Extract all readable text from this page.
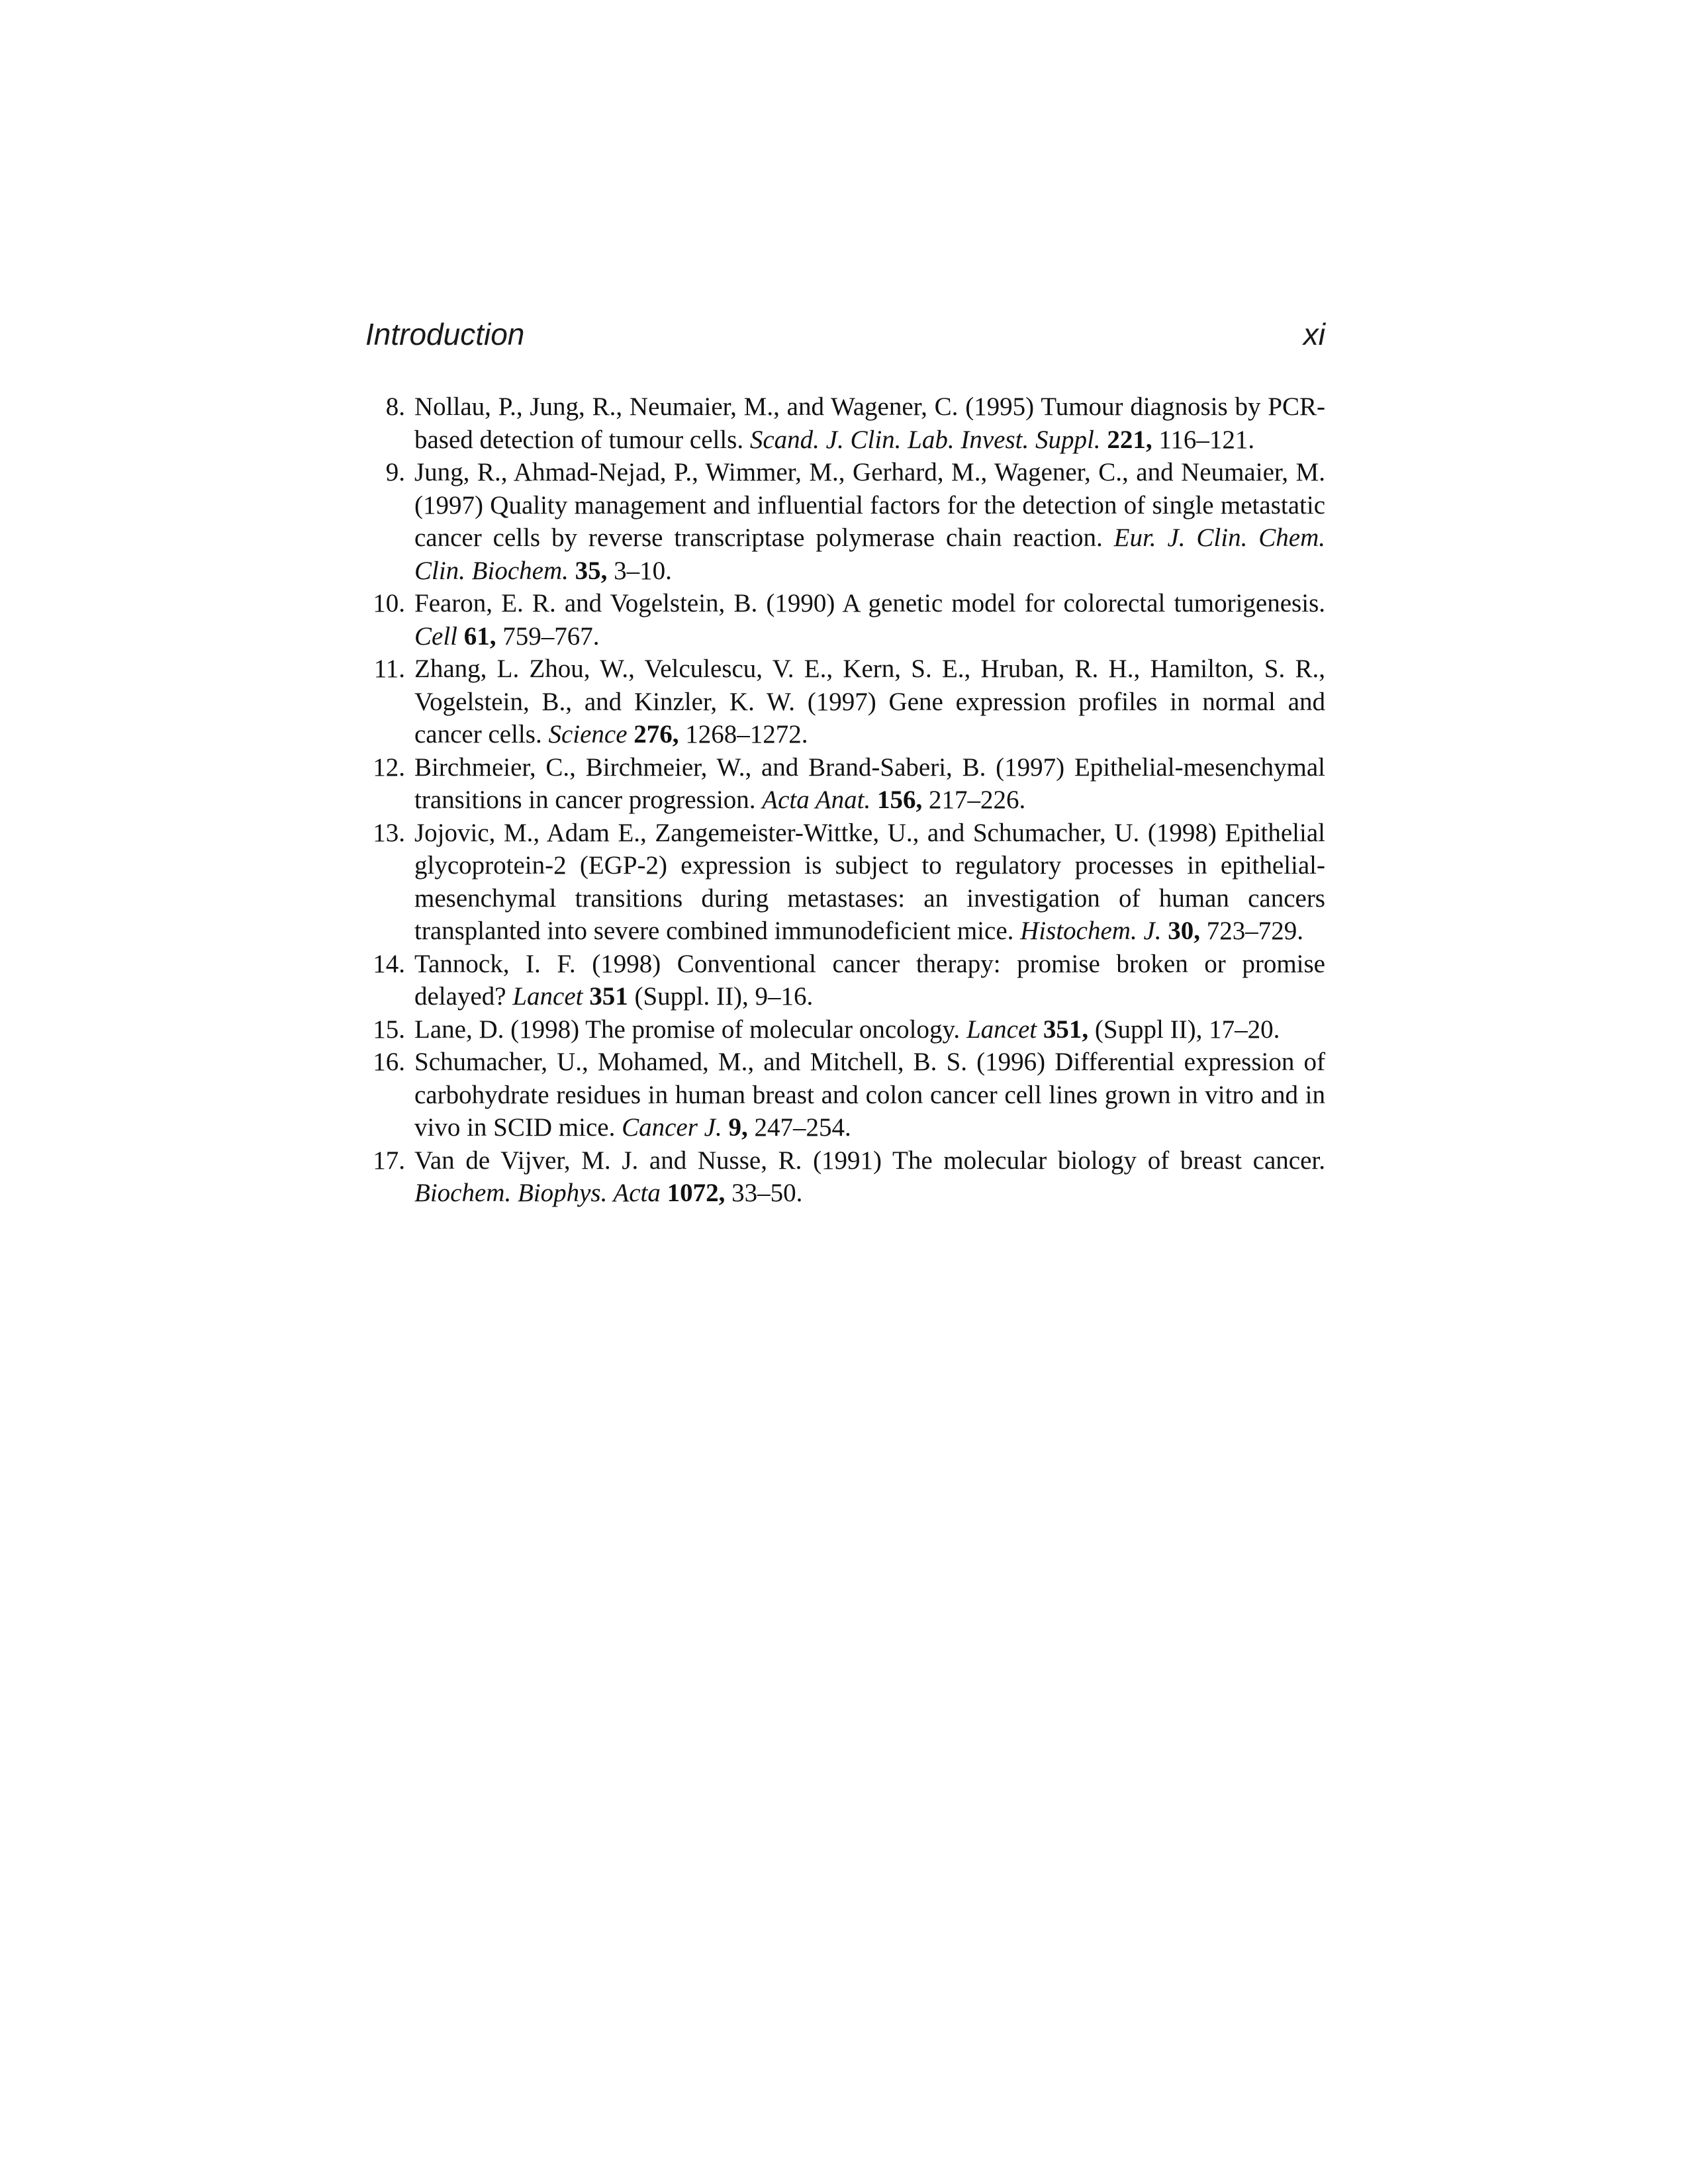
Introduction	xi
8. Nollau, P., Jung, R., Neumaier, M., and Wagener, C. (1995) Tumour diagnosis by PCR-based detection of tumour cells. Scand. J. Clin. Lab. Invest. Suppl. 221, 116–121.
9. Jung, R., Ahmad-Nejad, P., Wimmer, M., Gerhard, M., Wagener, C., and Neumaier, M. (1997) Quality management and influential factors for the detection of single metastatic cancer cells by reverse transcriptase polymerase chain reaction. Eur. J. Clin. Chem. Clin. Biochem. 35, 3–10.
10. Fearon, E. R. and Vogelstein, B. (1990) A genetic model for colorectal tumorigenesis. Cell 61, 759–767.
11. Zhang, L. Zhou, W., Velculescu, V. E., Kern, S. E., Hruban, R. H., Hamilton, S. R., Vogelstein, B., and Kinzler, K. W. (1997) Gene expression profiles in normal and cancer cells. Science 276, 1268–1272.
12. Birchmeier, C., Birchmeier, W., and Brand-Saberi, B. (1997) Epithelial-mesenchymal transitions in cancer progression. Acta Anat. 156, 217–226.
13. Jojovic, M., Adam E., Zangemeister-Wittke, U., and Schumacher, U. (1998) Epithelial glycoprotein-2 (EGP-2) expression is subject to regulatory processes in epithelial-mesenchymal transitions during metastases: an investigation of human cancers transplanted into severe combined immunodeficient mice. Histochem. J. 30, 723–729.
14. Tannock, I. F. (1998) Conventional cancer therapy: promise broken or promise delayed? Lancet 351 (Suppl. II), 9–16.
15. Lane, D. (1998) The promise of molecular oncology. Lancet 351, (Suppl II), 17–20.
16. Schumacher, U., Mohamed, M., and Mitchell, B. S. (1996) Differential expression of carbohydrate residues in human breast and colon cancer cell lines grown in vitro and in vivo in SCID mice. Cancer J. 9, 247–254.
17. Van de Vijver, M. J. and Nusse, R. (1991) The molecular biology of breast cancer. Biochem. Biophys. Acta 1072, 33–50.
